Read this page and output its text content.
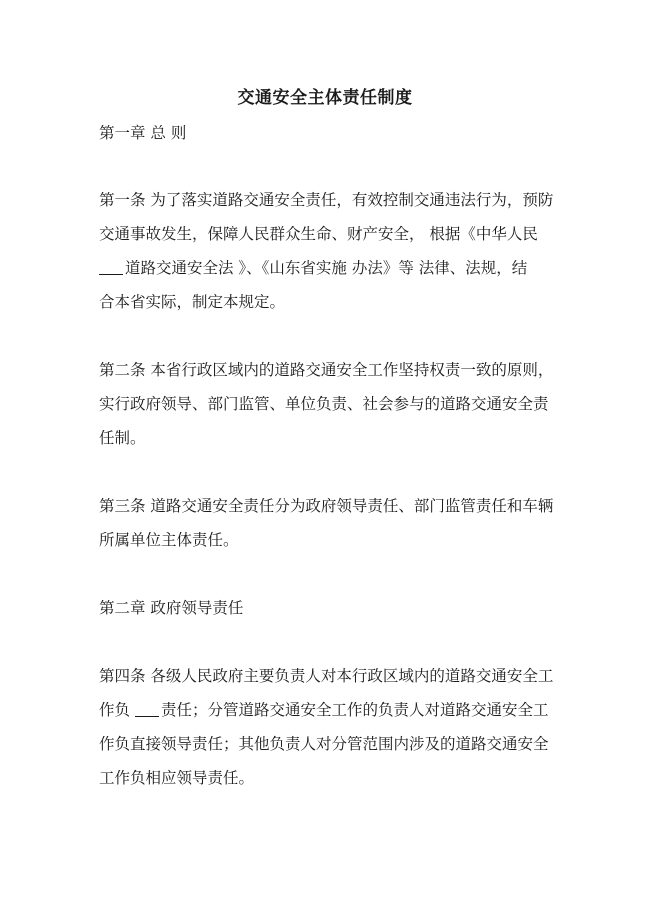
交通安全主体责任制度

第一章 总 则

第一条 为了落实道路交通安全责任，有效控制交通违法行为，预防
交通事故发生，保障人民群众生命、财产安全， 根据《中华人民
道路交通安全法 》、《山东省实施 办法》等 法律、法规，结
合本省实际，制定本规定。

第二条 本省行政区域内的道路交通安全工作坚持权责一致的原则，
实行政府领导、部门监管、单位负责、社会参与的道路交通安全责
任制。

第三条 道路交通安全责任分为政府领导责任、部门监管责任和车辆
所属单位主体责任。

第二章 政府领导责任

第四条 各级人民政府主要负责人对本行政区域内的道路交通安全工
作负 责任；分管道路交通安全工作的负责人对道路交通安全工
作负直接领导责任；其他负责人对分管范围内涉及的道路交通安全
工作负相应领导责任。
